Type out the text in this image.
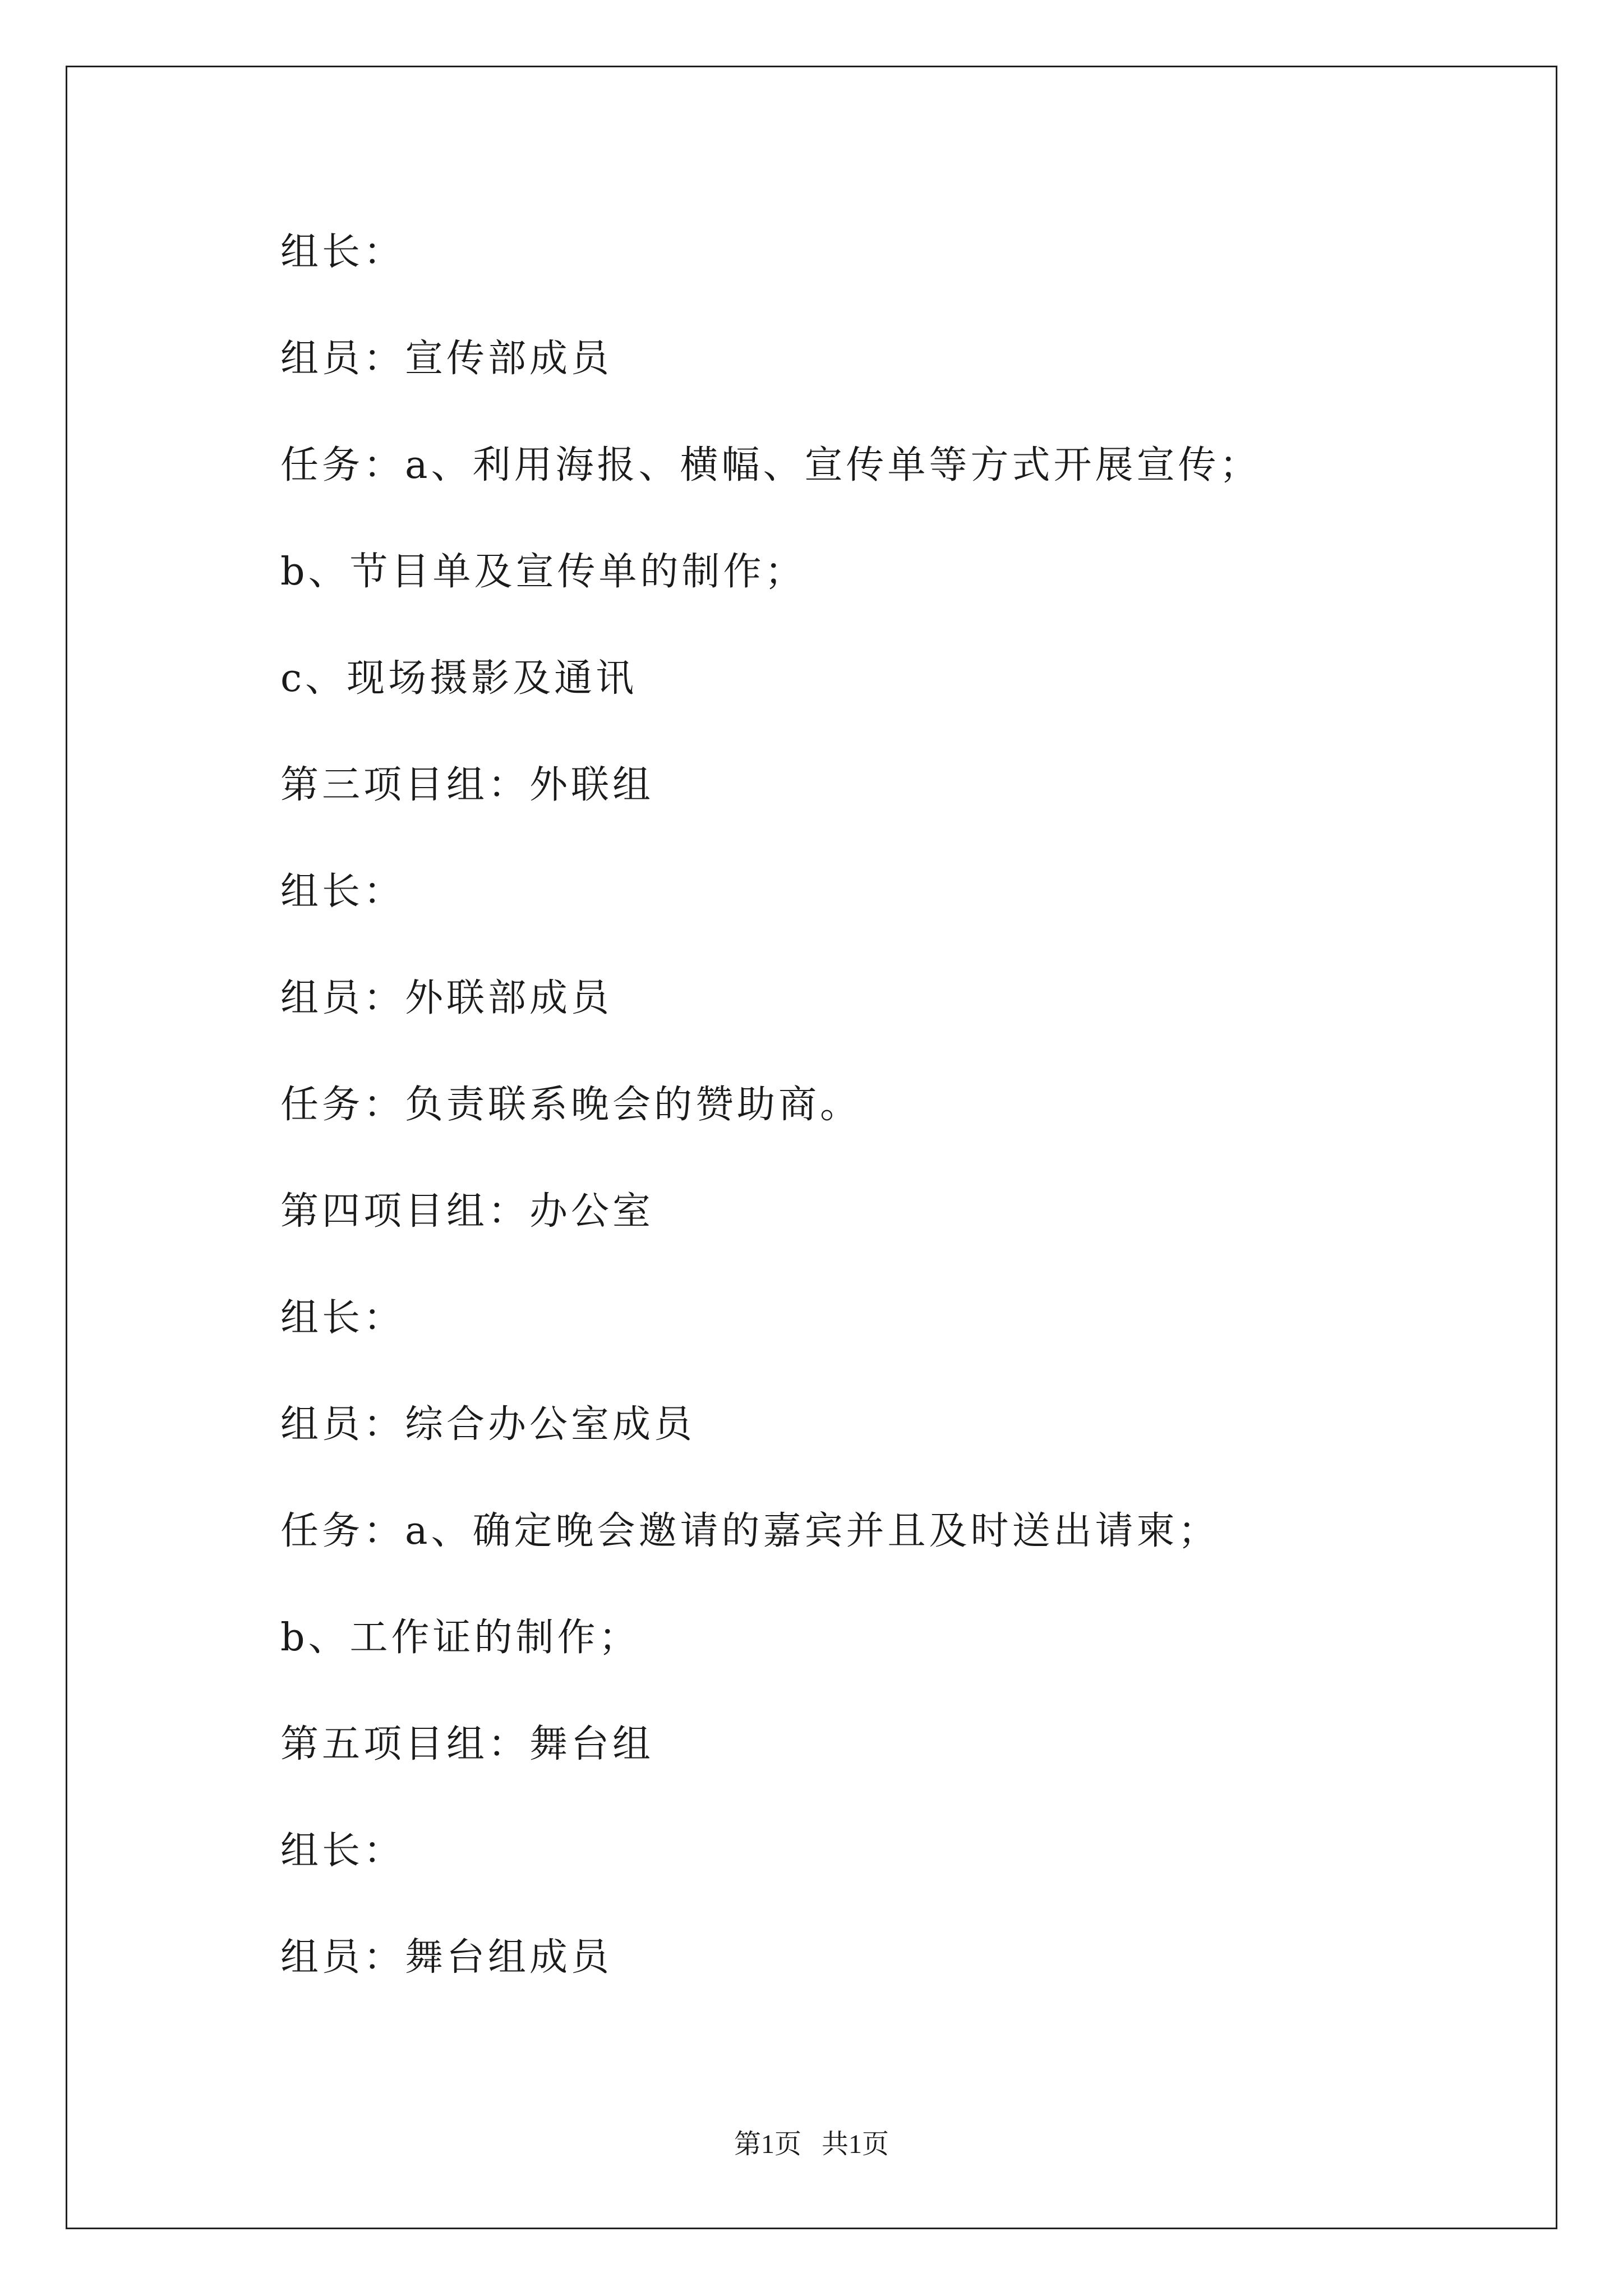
组长：
组员：宣传部成员
任务：a、利用海报、横幅、宣传单等方式开展宣传；
b、节目单及宣传单的制作；
c、现场摄影及通讯
第三项目组：外联组
组长：
组员：外联部成员
任务：负责联系晚会的赞助商。
第四项目组：办公室
组长：
组员：综合办公室成员
任务：a、确定晚会邀请的嘉宾并且及时送出请柬；
b、工作证的制作；
第五项目组：舞台组
组长：
组员：舞台组成员
第1页   共1页
